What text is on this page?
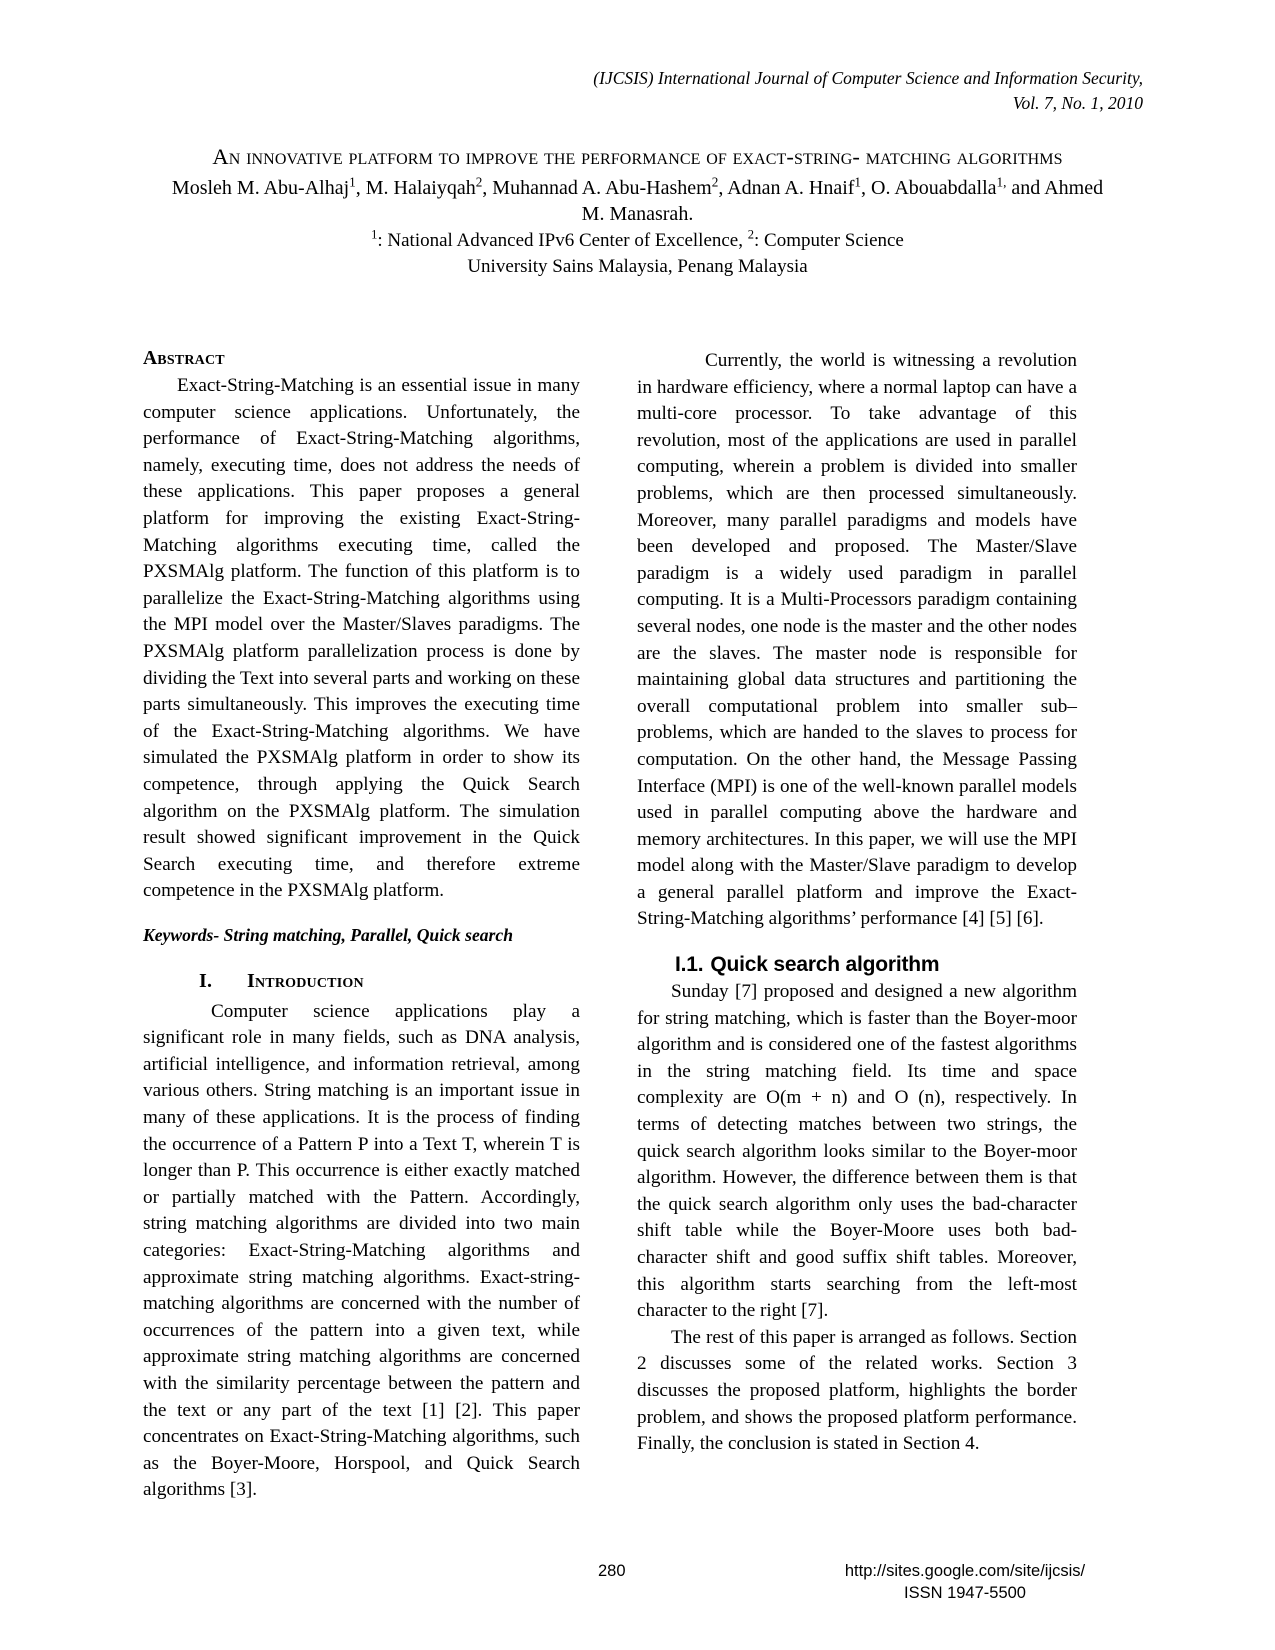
(IJCSIS) International Journal of Computer Science and Information Security,
Vol. 7, No. 1, 2010
An innovative platform to improve the performance of exact-string- matching algorithms
Mosleh M. Abu-Alhaj$^1$, M. Halaiyqah$^2$, Muhannad A. Abu-Hashem$^2$, Adnan A. Hnaif$^1$, O. Abouabdalla$^{1,}$ and Ahmed
M. Manasrah.
$^1$: National Advanced IPv6 Center of Excellence, $^2$: Computer Science
University Sains Malaysia, Penang Malaysia
Abstract

Exact-String-Matching is an essential issue in many computer science applications. Unfortunately, the performance of Exact-String-Matching algorithms, namely, executing time, does not address the needs of these applications. This paper proposes a general platform for improving the existing Exact-String-Matching algorithms executing time, called the PXSMAlg platform. The function of this platform is to parallelize the Exact-String-Matching algorithms using the MPI model over the Master/Slaves paradigms. The PXSMAlg platform parallelization process is done by dividing the Text into several parts and working on these parts simultaneously. This improves the executing time of the Exact-String-Matching algorithms. We have simulated the PXSMAlg platform in order to show its competence, through applying the Quick Search algorithm on the PXSMAlg platform. The simulation result showed significant improvement in the Quick Search executing time, and therefore extreme competence in the PXSMAlg platform.

Keywords- String matching, Parallel, Quick search

I.	Introduction

Computer science applications play a significant role in many fields, such as DNA analysis, artificial intelligence, and information retrieval, among various others. String matching is an important issue in many of these applications. It is the process of finding the occurrence of a Pattern P into a Text T, wherein T is longer than P. This occurrence is either exactly matched or partially matched with the Pattern. Accordingly, string matching algorithms are divided into two main categories: Exact-String-Matching algorithms and approximate string matching algorithms. Exact-string-matching algorithms are concerned with the number of occurrences of the pattern into a given text, while approximate string matching algorithms are concerned with the similarity percentage between the pattern and the text or any part of the text [1] [2]. This paper concentrates on Exact-String-Matching algorithms, such as the Boyer-Moore, Horspool, and Quick Search algorithms [3].

Currently, the world is witnessing a revolution in hardware efficiency, where a normal laptop can have a multi-core processor. To take advantage of this revolution, most of the applications are used in parallel computing, wherein a problem is divided into smaller problems, which are then processed simultaneously. Moreover, many parallel paradigms and models have been developed and proposed. The Master/Slave paradigm is a widely used paradigm in parallel computing. It is a Multi-Processors paradigm containing several nodes, one node is the master and the other nodes are the slaves. The master node is responsible for maintaining global data structures and partitioning the overall computational problem into smaller sub–problems, which are handed to the slaves to process for computation. On the other hand, the Message Passing Interface (MPI) is one of the well-known parallel models used in parallel computing above the hardware and memory architectures. In this paper, we will use the MPI model along with the Master/Slave paradigm to develop a general parallel platform and improve the Exact-String-Matching algorithms’ performance [4] [5] [6].

I.1. Quick search algorithm

Sunday [7] proposed and designed a new algorithm for string matching, which is faster than the Boyer-moor algorithm and is considered one of the fastest algorithms in the string matching field. Its time and space complexity are O(m + n) and O (n), respectively. In terms of detecting matches between two strings, the quick search algorithm looks similar to the Boyer-moor algorithm. However, the difference between them is that the quick search algorithm only uses the bad-character shift table while the Boyer-Moore uses both bad-character shift and good suffix shift tables. Moreover, this algorithm starts searching from the left-most character to the right [7].

The rest of this paper is arranged as follows. Section 2 discusses some of the related works. Section 3 discusses the proposed platform, highlights the border problem, and shows the proposed platform performance. Finally, the conclusion is stated in Section 4.

280	http://sites.google.com/site/ijcsis/
ISSN 1947-5500
